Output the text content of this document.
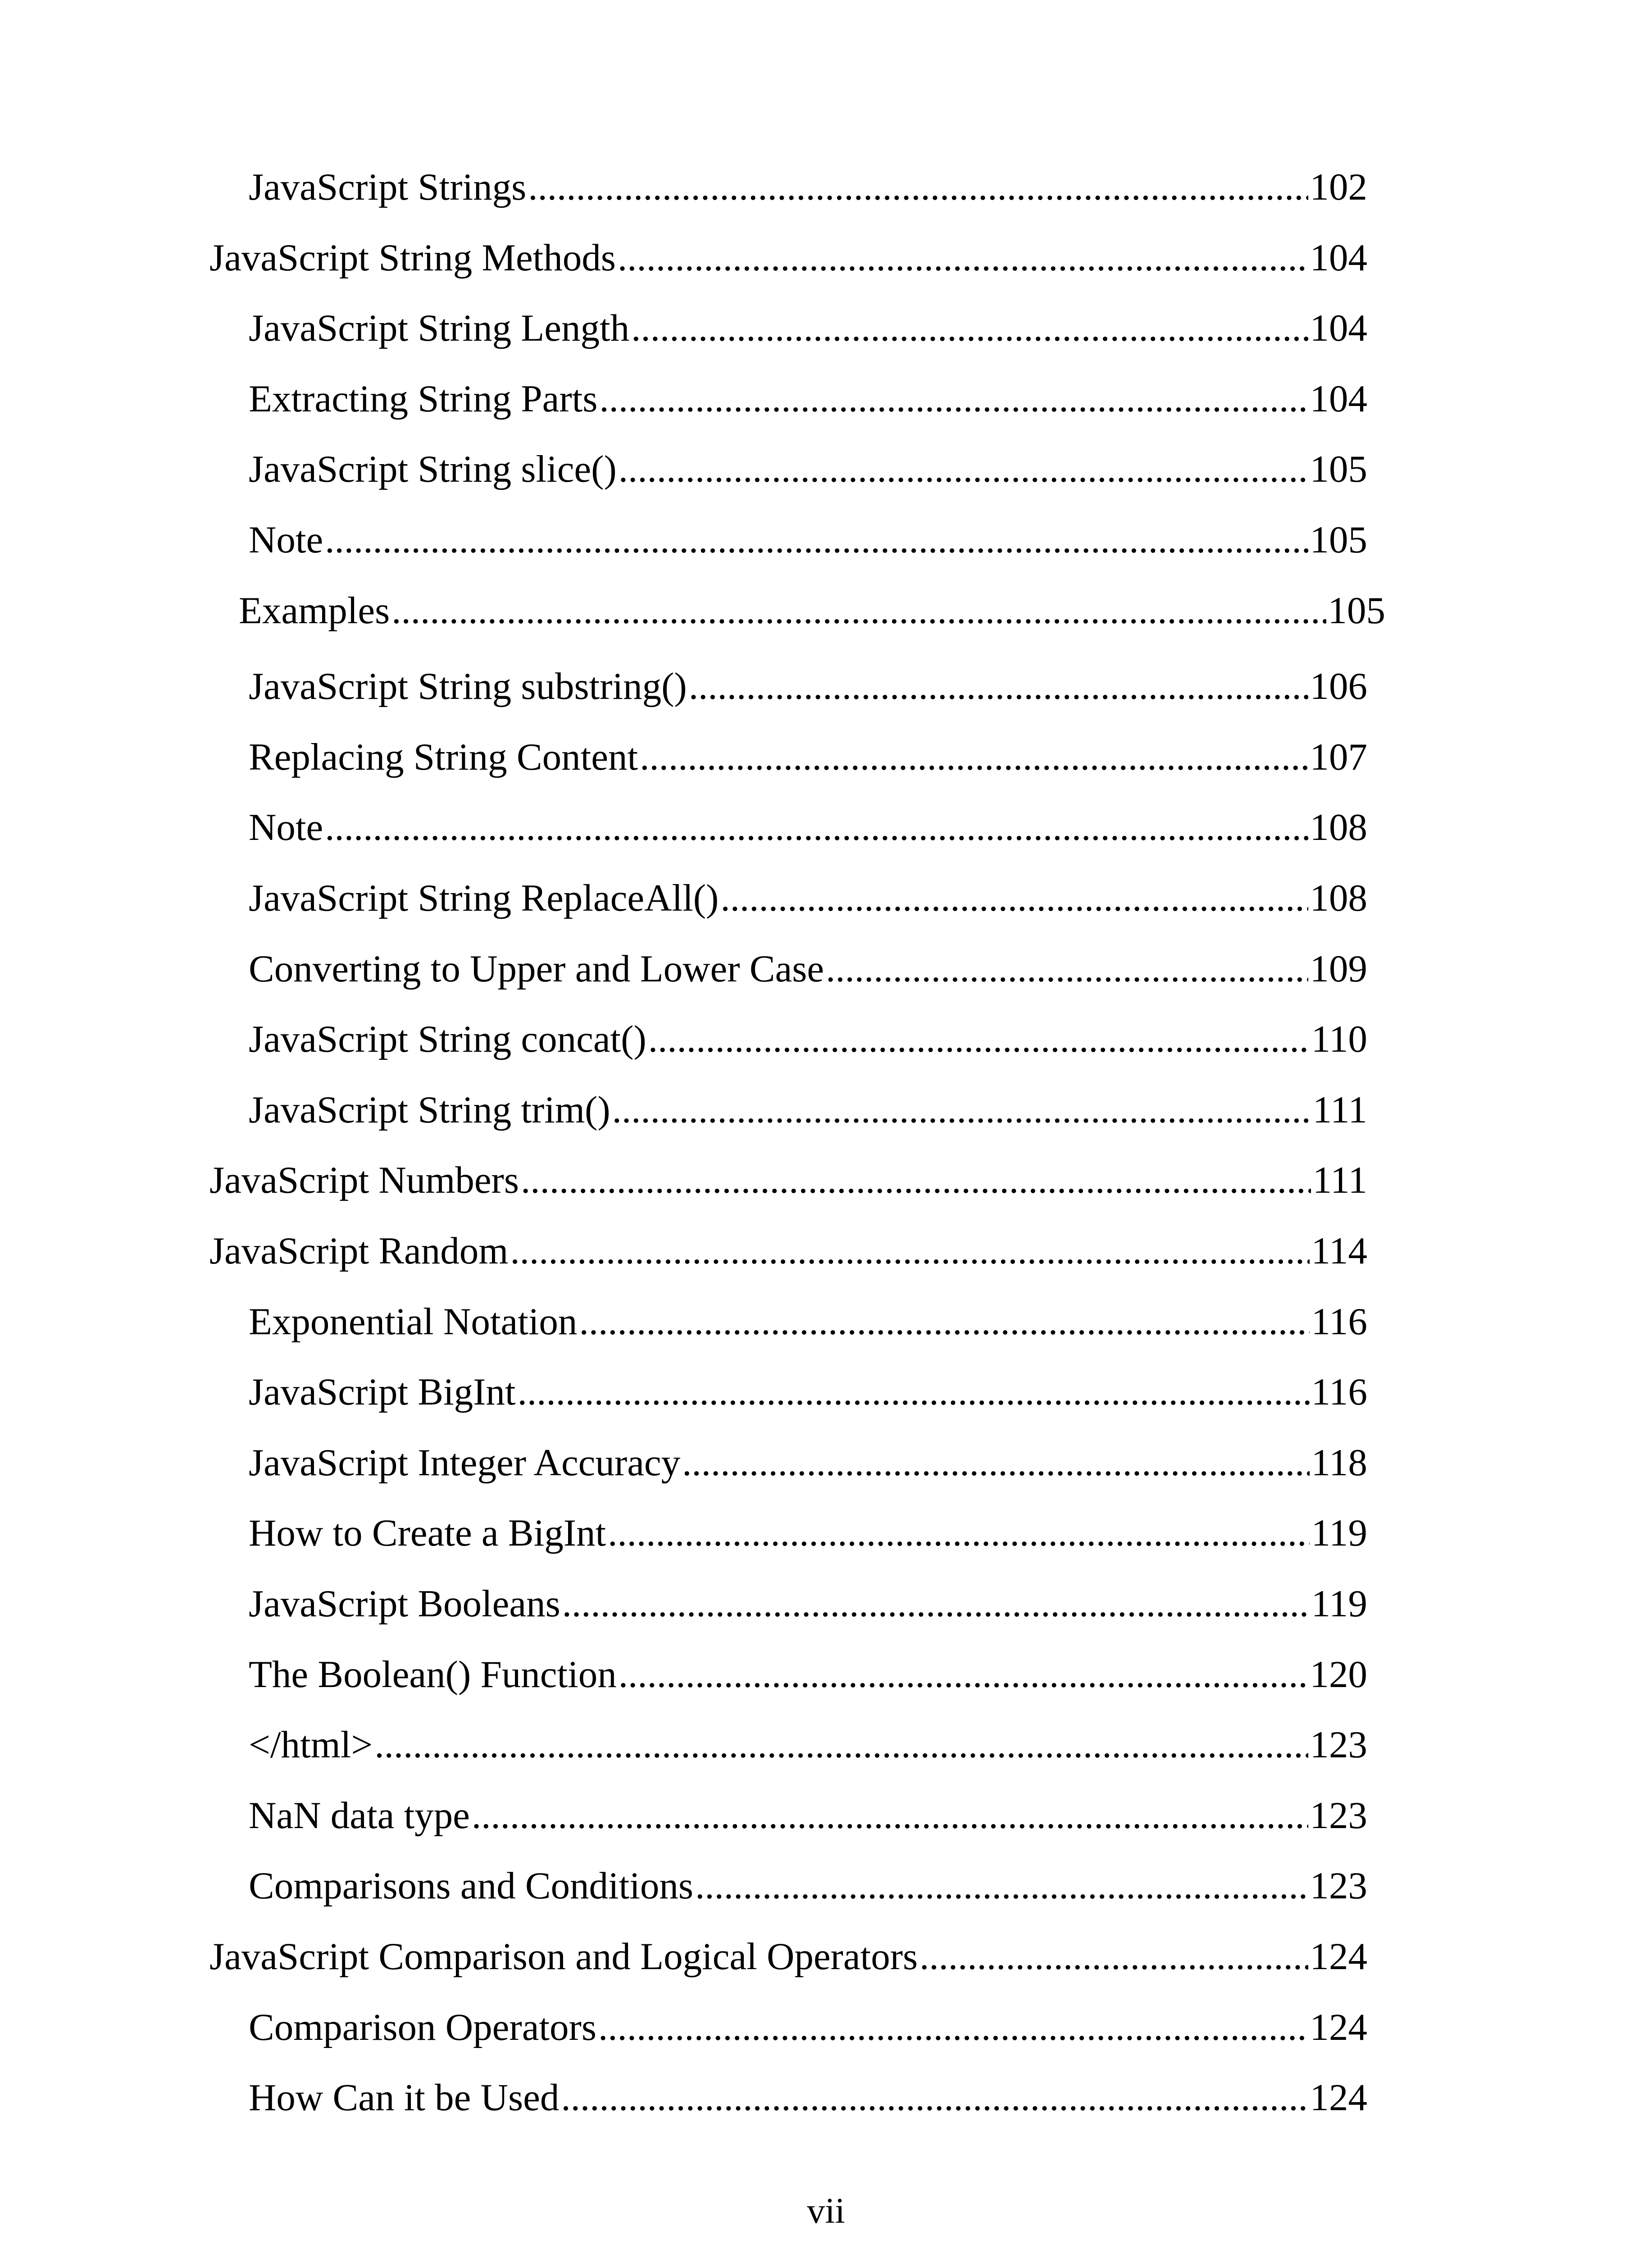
JavaScript Strings .....	102
JavaScript String Methods .....	104
JavaScript String Length .....	104
Extracting String Parts .....	104
JavaScript String slice() .....	105
Note .....	105
Examples .....	105
JavaScript String substring() .....	106
Replacing String Content .....	107
Note .....	108
JavaScript String ReplaceAll() .....	108
Converting to Upper and Lower Case .....	109
JavaScript String concat() .....	110
JavaScript String trim() .....	111
JavaScript Numbers .....	111
JavaScript Random .....	114
Exponential Notation .....	116
JavaScript BigInt .....	116
JavaScript Integer Accuracy .....	118
How to Create a BigInt .....	119
JavaScript Booleans .....	119
The Boolean() Function .....	120
</html> .....	123
NaN data type .....	123
Comparisons and Conditions .....	123
JavaScript Comparison and Logical Operators .....	124
Comparison Operators .....	124
How Can it be Used .....	124
vii
